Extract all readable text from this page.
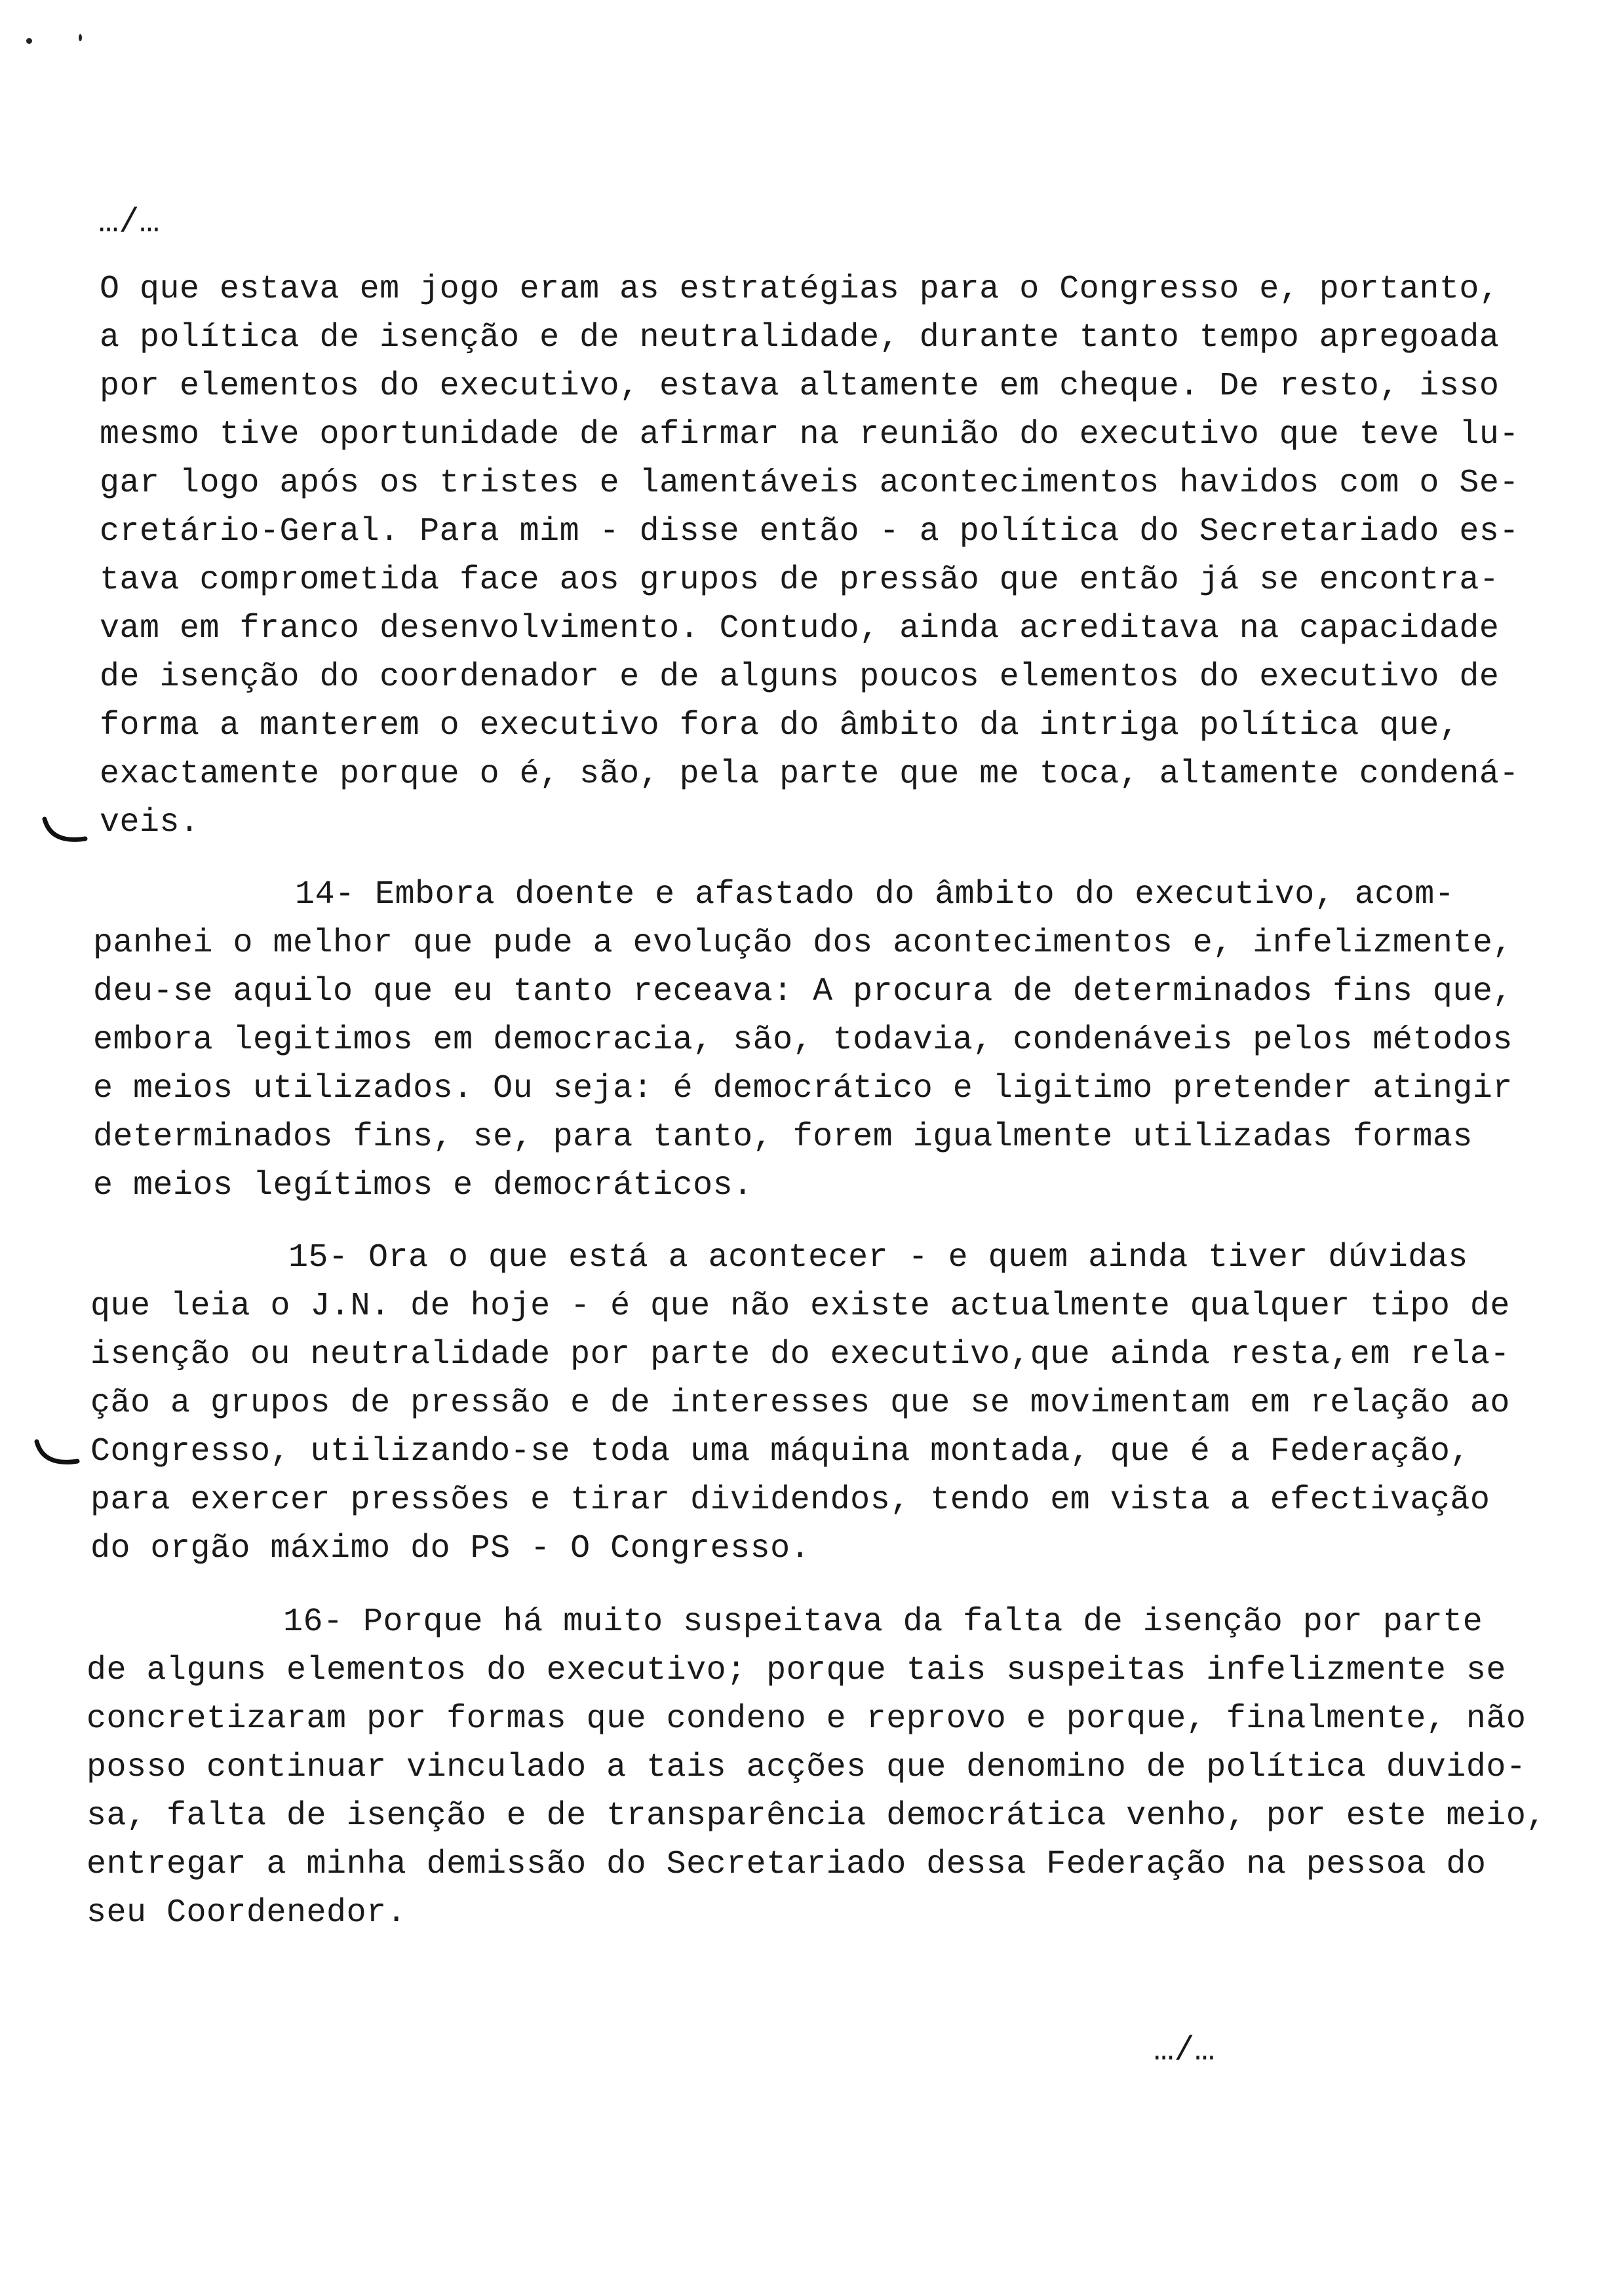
…/…
O que estava em jogo eram as estratégias para o Congresso e, portanto,
a política de isenção e de neutralidade, durante tanto tempo apregoada
por elementos do executivo, estava altamente em cheque. De resto, isso
mesmo tive oportunidade de afirmar na reunião do executivo que teve lu-
gar logo após os tristes e lamentáveis acontecimentos havidos com o Se-
cretário-Geral. Para mim - disse então - a política do Secretariado es-
tava comprometida face aos grupos de pressão que então já se encontra-
vam em franco desenvolvimento. Contudo, ainda acreditava na capacidade
de isenção do coordenador e de alguns poucos elementos do executivo de
forma a manterem o executivo fora do âmbito da intriga política que,
exactamente porque o é, são, pela parte que me toca, altamente condená-
veis.
14- Embora doente e afastado do âmbito do executivo, acom-
panhei o melhor que pude a evolução dos acontecimentos e, infelizmente,
deu-se aquilo que eu tanto receava: A procura de determinados fins que,
embora legitimos em democracia, são, todavia, condenáveis pelos métodos
e meios utilizados. Ou seja: é democrático e ligitimo pretender atingir
determinados fins, se, para tanto, forem igualmente utilizadas formas
e meios legítimos e democráticos.
15- Ora o que está a acontecer - e quem ainda tiver dúvidas
que leia o J.N. de hoje - é que não existe actualmente qualquer tipo de
isenção ou neutralidade por parte do executivo,que ainda resta,em rela-
ção a grupos de pressão e de interesses que se movimentam em relação ao
Congresso, utilizando-se toda uma máquina montada, que é a Federação,
para exercer pressões e tirar dividendos, tendo em vista a efectivação
do orgão máximo do PS - O Congresso.
16- Porque há muito suspeitava da falta de isenção por parte
de alguns elementos do executivo; porque tais suspeitas infelizmente se
concretizaram por formas que condeno e reprovo e porque, finalmente, não
posso continuar vinculado a tais acções que denomino de política duvido-
sa, falta de isenção e de transparência democrática venho, por este meio,
entregar a minha demissão do Secretariado dessa Federação na pessoa do
seu Coordenedor.
…/…
